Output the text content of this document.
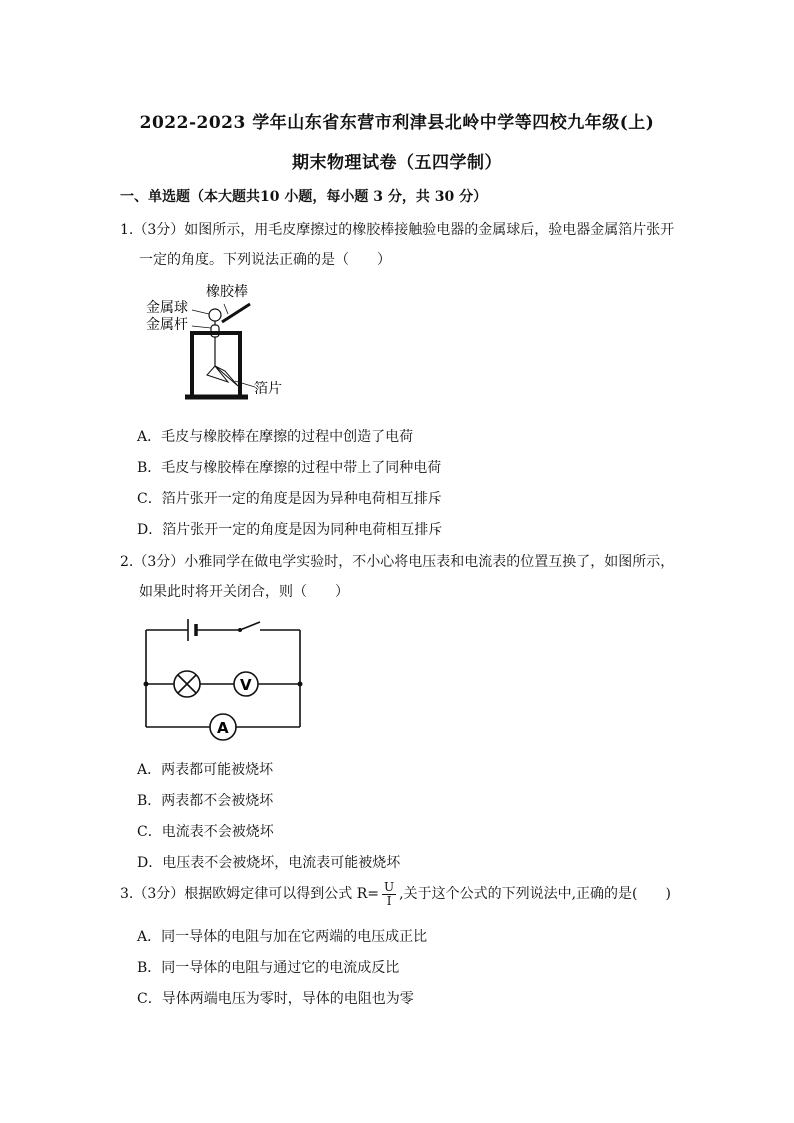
2022-2023 学年山东省东营市利津县北岭中学等四校九年级(上)
期末物理试卷（五四学制）
一、单选题（本大题共10 小题，每小题 3 分，共 30 分）
1.（3分）如图所示，用毛皮摩擦过的橡胶棒接触验电器的金属球后，验电器金属箔片张开
一定的角度。下列说法正确的是（　　）
橡胶棒
金属球
金属杆
箔片
A．毛皮与橡胶棒在摩擦的过程中创造了电荷
B．毛皮与橡胶棒在摩擦的过程中带上了同种电荷
C．箔片张开一定的角度是因为异种电荷相互排斥
D．箔片张开一定的角度是因为同种电荷相互排斥
2.（3分）小雅同学在做电学实验时，不小心将电压表和电流表的位置互换了，如图所示，
如果此时将开关闭合，则（　　）
V
A
A．两表都可能被烧坏
B．两表都不会被烧坏
C．电流表不会被烧坏
D．电压表不会被烧坏，电流表可能被烧坏
3.（3分）根据欧姆定律可以得到公式 $R= \frac{U}{I}$ ,关于这个公式的下列说法中,正确的是(　　)
A．同一导体的电阻与加在它两端的电压成正比
B．同一导体的电阻与通过它的电流成反比
C．导体两端电压为零时，导体的电阻也为零
